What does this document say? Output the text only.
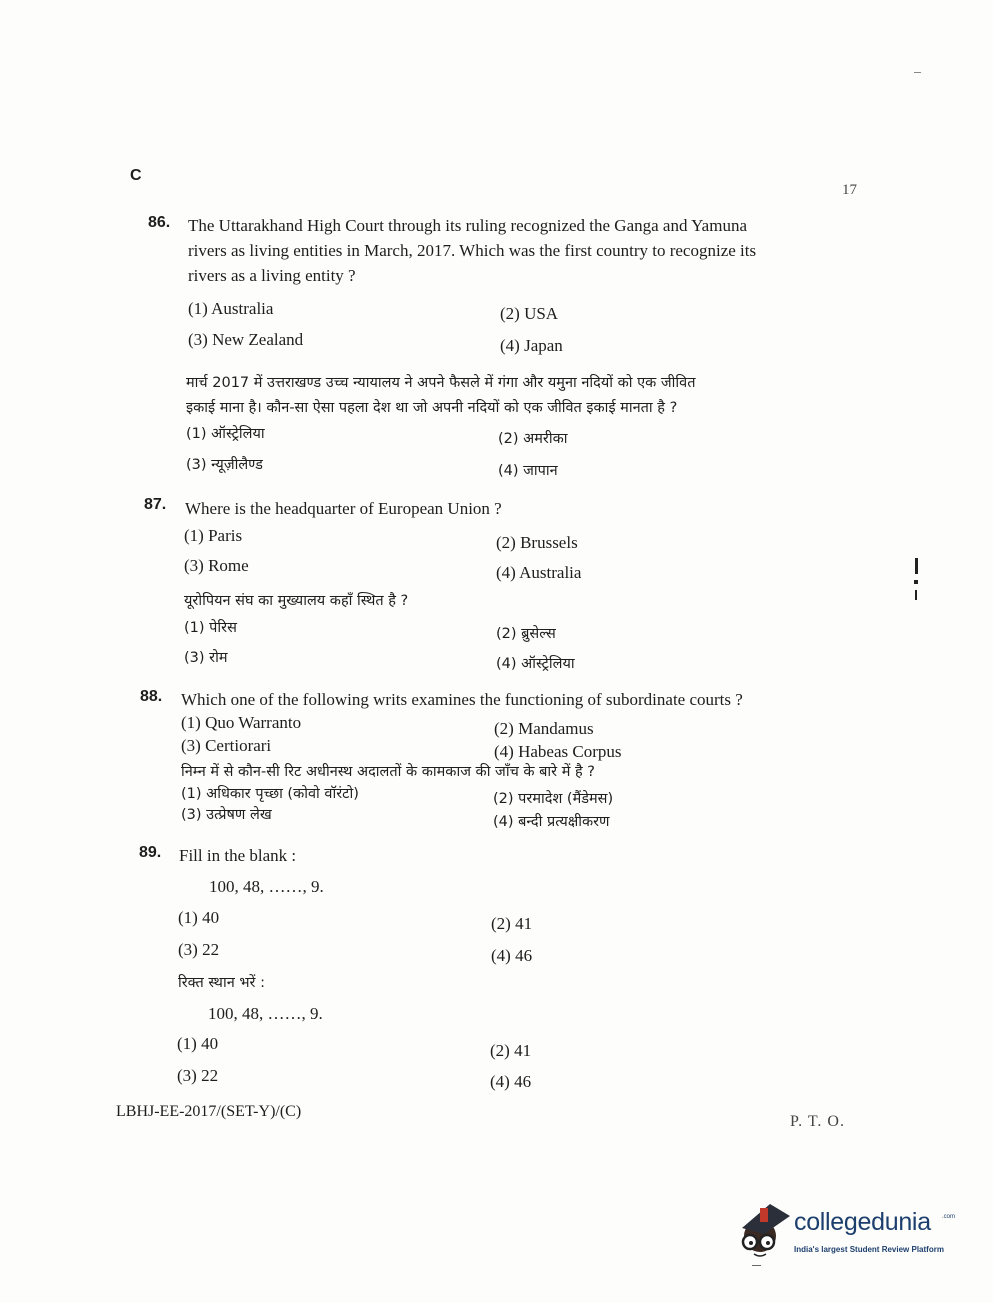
C
17
86. The Uttarakhand High Court through its ruling recognized the Ganga and Yamuna
rivers as living entities in March, 2017. Which was the first country to recognize its
rivers as a living entity ?
(1) Australia	(2) USA
(3) New Zealand	(4) Japan
मार्च 2017 में उत्तराखण्ड उच्च न्यायालय ने अपने फैसले में गंगा और यमुना नदियों को एक जीवित
इकाई माना है। कौन-सा ऐसा पहला देश था जो अपनी नदियों को एक जीवित इकाई मानता है ?
(1) ऑस्ट्रेलिया	(2) अमरीका
(3) न्यूज़ीलैण्ड	(4) जापान
87. Where is the headquarter of European Union ?
(1) Paris	(2) Brussels
(3) Rome	(4) Australia
यूरोपियन संघ का मुख्यालय कहाँ स्थित है ?
(1) पेरिस	(2) ब्रुसेल्स
(3) रोम	(4) ऑस्ट्रेलिया
88. Which one of the following writs examines the functioning of subordinate courts ?
(1) Quo Warranto	(2) Mandamus
(3) Certiorari	(4) Habeas Corpus
निम्न में से कौन-सी रिट अधीनस्थ अदालतों के कामकाज की जाँच के बारे में है ?
(1) अधिकार पृच्छा (कोवो वॉरंटो)	(2) परमादेश (मैंडेमस)
(3) उत्प्रेषण लेख	(4) बन्दी प्रत्यक्षीकरण
89. Fill in the blank :
100, 48, ……, 9.
(1) 40	(2) 41
(3) 22	(4) 46
रिक्त स्थान भरें :
100, 48, ……, 9.
(1) 40	(2) 41
(3) 22	(4) 46
LBHJ-EE-2017/(SET-Y)/(C)
P. T. O.
collegedunia .com
India's largest Student Review Platform
